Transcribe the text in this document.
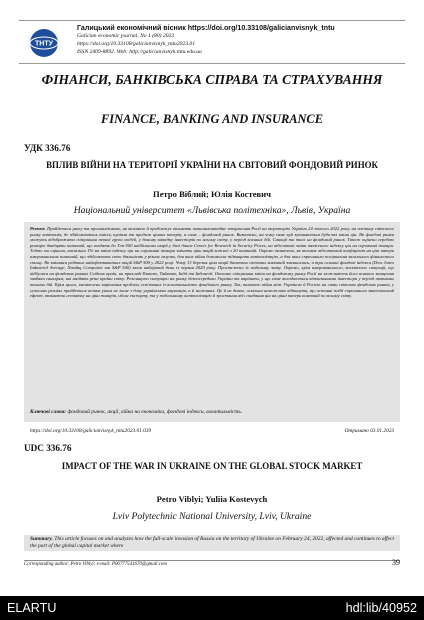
ТНТУ

Галицький економічний вісник https://doi.org/10.33108/galicianvisnyk_tntu

Galician economic journal, No 1 (80) 2023

https://doi.org/10.33108/galicianvisnyk_tntu2023.01

ISSN 2409-8892. Web: http://galicianvisnyk.tntu.edu.ua

ФІНАНСИ, БАНКІВСЬКА СПРАВА ТА СТРАХУВАННЯ

FINANCE, BANKING AND INSURANCE

УДК 336.76

ВПЛИВ ВІЙНИ НА ТЕРИТОРІЇ УКРАЇНИ НА СВІТОВИЙ ФОНДОВИЙ РИНОК

Петро Віблий; Юлія Костевич

Національний університет «Львівська політехніка», Львів, Україна

Резюме. Прийдеться увагу та проаналізовано, як впливало й продовжує впливати повномасштабне вторгнення Росії на територію України 24 лютого 2022 року, на частину світового ринку капіталів, де здійснюються емісія, купівля та продаж цінних паперів, а саме – фондовий ринок. Визначено, на чому саме вуй зупиняються будь-які зміни цін. Як фондові ринки можуть відображати очікування певної групи людей, у даному випадку інвесторів по всьому світу, у період воєнних дій. Санкції та тиск на фондовий ринок. Також оцінено середню реакцію двадцяти компаній, що входять до Топ-500 найбільших акцій у базі даних Center for Research in Security Prices, на відсоткові зміни зваженого індексу цін на сировинні товари. Тобто ми оцінили, наскільки 1%-на зміна індексу цін на сировинні товари змінить ціни акцій кожної з 20 компаній. Окремо визначено, як впливає відсотковий коефіцієнт на ціні папери американських компаній, що здійснюють свою діяльність у різних галузях, для яких війна допомогла підвищити капіталізацію, а для яких спричинила погіршення загального фінансового стану. Як змінився рейтинг найефективніших акцій S&P 500 у 2022 році. Чому 13 березня ціна акцій багатьох світових компаній зменшилась, а три основні фондові індекси (Dow Jones Industrial Average, Nasdaq Composite та S&P 500) мали найгірший день із червня 2020 року. Простежено їх подальшу зміну. Окремо, крім американського, висвітлено ситуації, що відбулися на фондових ринках Східних країн, на прикладі Китаю, Тайваню, Індії та Індонезії. Описано очікування зміни на фондовому ринку Росії на можливість його повного знищення завдяки санкціям, які вводять різні країни світу. Розглянуто ситуацію на ринку безпосередньо України та варіанти, у що саме вкладаються вітчизняними інвестори у період активних воєнних дій. Крім цього, висвітлено вирішення проблем, пов'язаних із волатильністю фондового ринку. Так, типовою війна між Україною й Росією на стан світових фондових ринків, у сучасних реаліях прийдеться велика увага не лише з боку українських науковців, а й іноземних. Це й не дивно, оскільки неможливо відкинути, що останні події спричинили занепокоєний ефект, впливаючи спочатку на ціни товарів, обсяг експорту, та у подальшому капіталізацію й зростання або спадання цін на цінні папери компаній по всьому світу.

Ключові слова: фондовий ринок, акції, війна на економіка, фондові індекси, волатильність.

https://doi.org/10.33108/galicianvisnyk_tntu2023.01.039	Отримано 03.01.2023

UDC 336.76

Summary. This article focuses on and analyzes how the full-scale invasion of Russia on the territory of Ukraine on February 24, 2022, affected and continues to affect the part of the global capital market where

Corresponding author: Petro Viblyi; e-mail: P06777541670@gmail.com	39

IMPACT OF THE WAR IN UKRAINE ON THE GLOBAL STOCK MARKET

ELARTU	hdl:lib/40952

Petro Viblyi; Yuliia Kostevych

Lviv Polytechnic National University, Lviv, Ukraine
